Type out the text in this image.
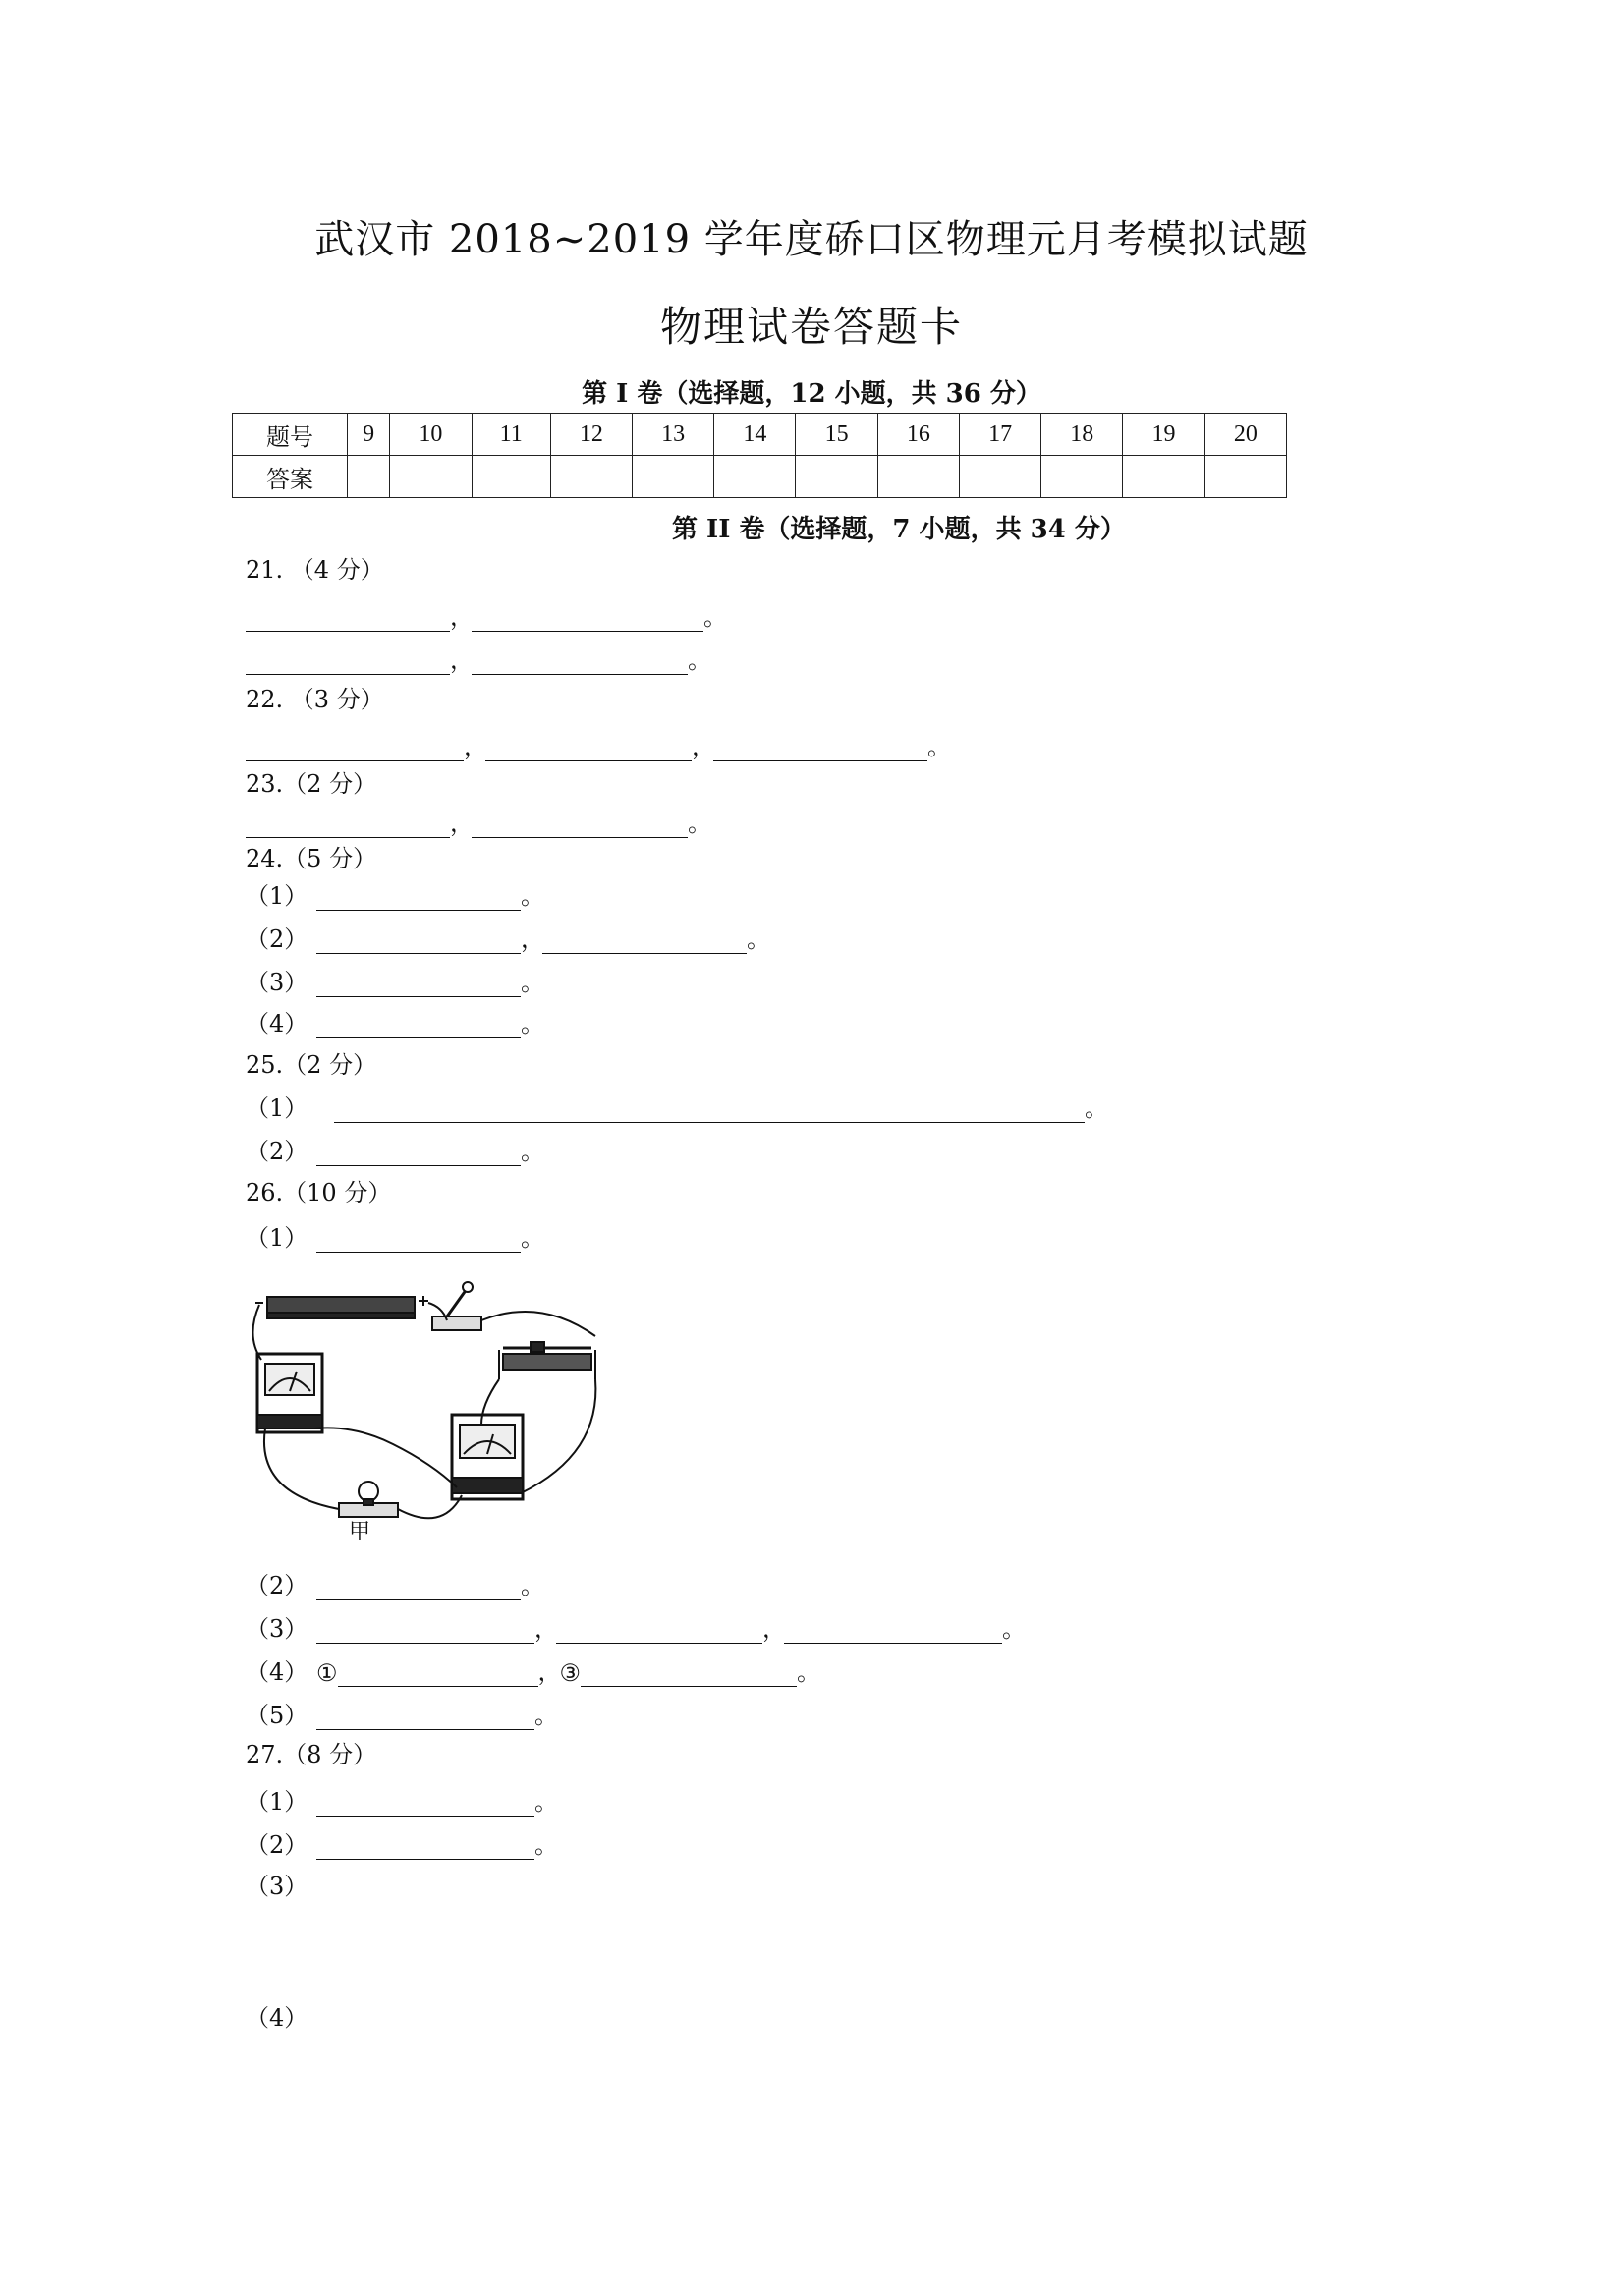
武汉市 2018~2019 学年度硚口区物理元月考模拟试题
物理试卷答题卡
第 I 卷（选择题，12 小题，共 36 分）
题号	9	10	11	12	13	14	15	16	17	18	19	20
答案												
第 II 卷（选择题，7 小题，共 34 分）
21. （4 分）
，	。
，	。
22. （3 分）
，	，	。
23.（2 分）
，	。
24.（5 分）
（1）	。
（2）	，	。
（3）	。
（4）	。
25.（2 分）
（1）	。
（2）	。
26.（10 分）
（1）	。
甲
（2）	。
（3）	，	，	。
（4） ①	，
③	。
（5）	。
27.（8 分）
（1）	。
（2）	。
（3）
（4）
